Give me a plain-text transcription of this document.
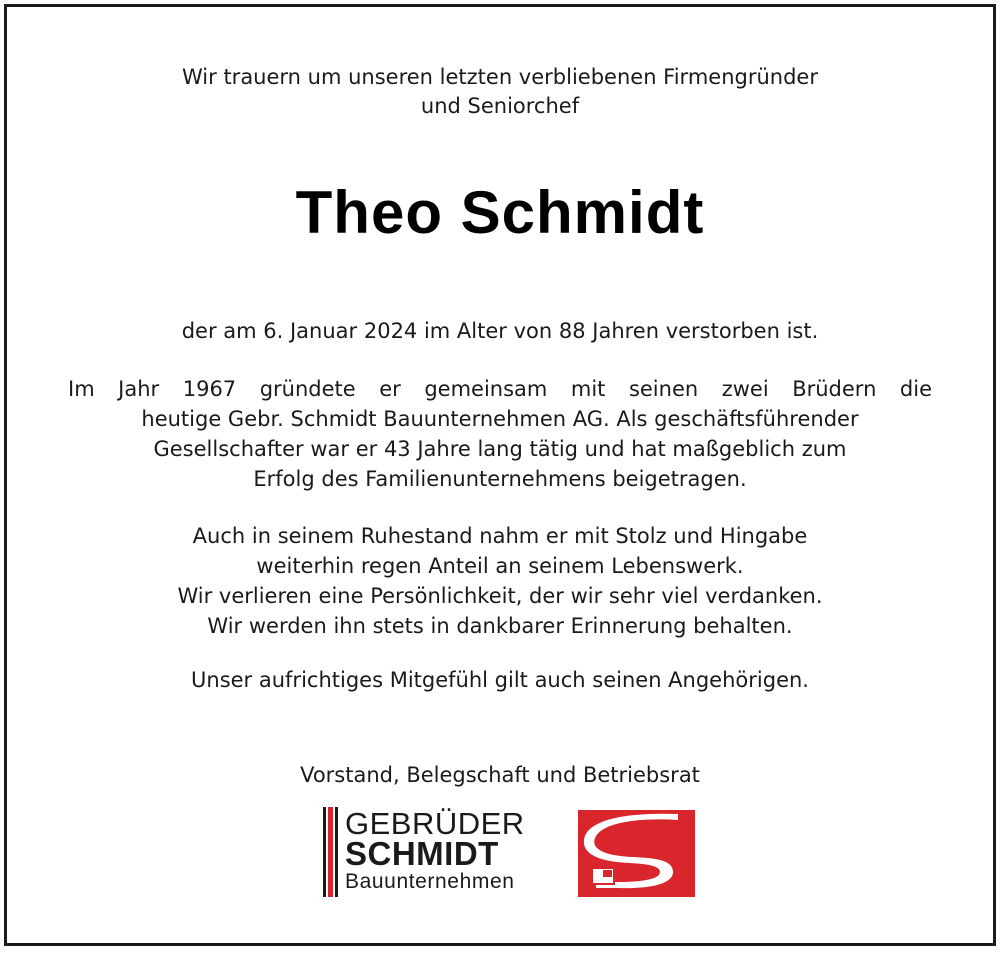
Wir trauern um unseren letzten verbliebenen Firmengründer
und Seniorchef
Theo Schmidt
der am 6. Januar 2024 im Alter von 88 Jahren verstorben ist.
Im Jahr 1967 gründete er gemeinsam mit seinen zwei Brüdern die
heutige Gebr. Schmidt Bauunternehmen AG. Als geschäftsführender
Gesellschafter war er 43 Jahre lang tätig und hat maßgeblich zum
Erfolg des Familienunternehmens beigetragen.
Auch in seinem Ruhestand nahm er mit Stolz und Hingabe
weiterhin regen Anteil an seinem Lebenswerk.
Wir verlieren eine Persönlichkeit, der wir sehr viel verdanken.
Wir werden ihn stets in dankbarer Erinnerung behalten.
Unser aufrichtiges Mitgefühl gilt auch seinen Angehörigen.
Vorstand, Belegschaft und Betriebsrat
GEBRÜDER
SCHMIDT
Bauunternehmen
